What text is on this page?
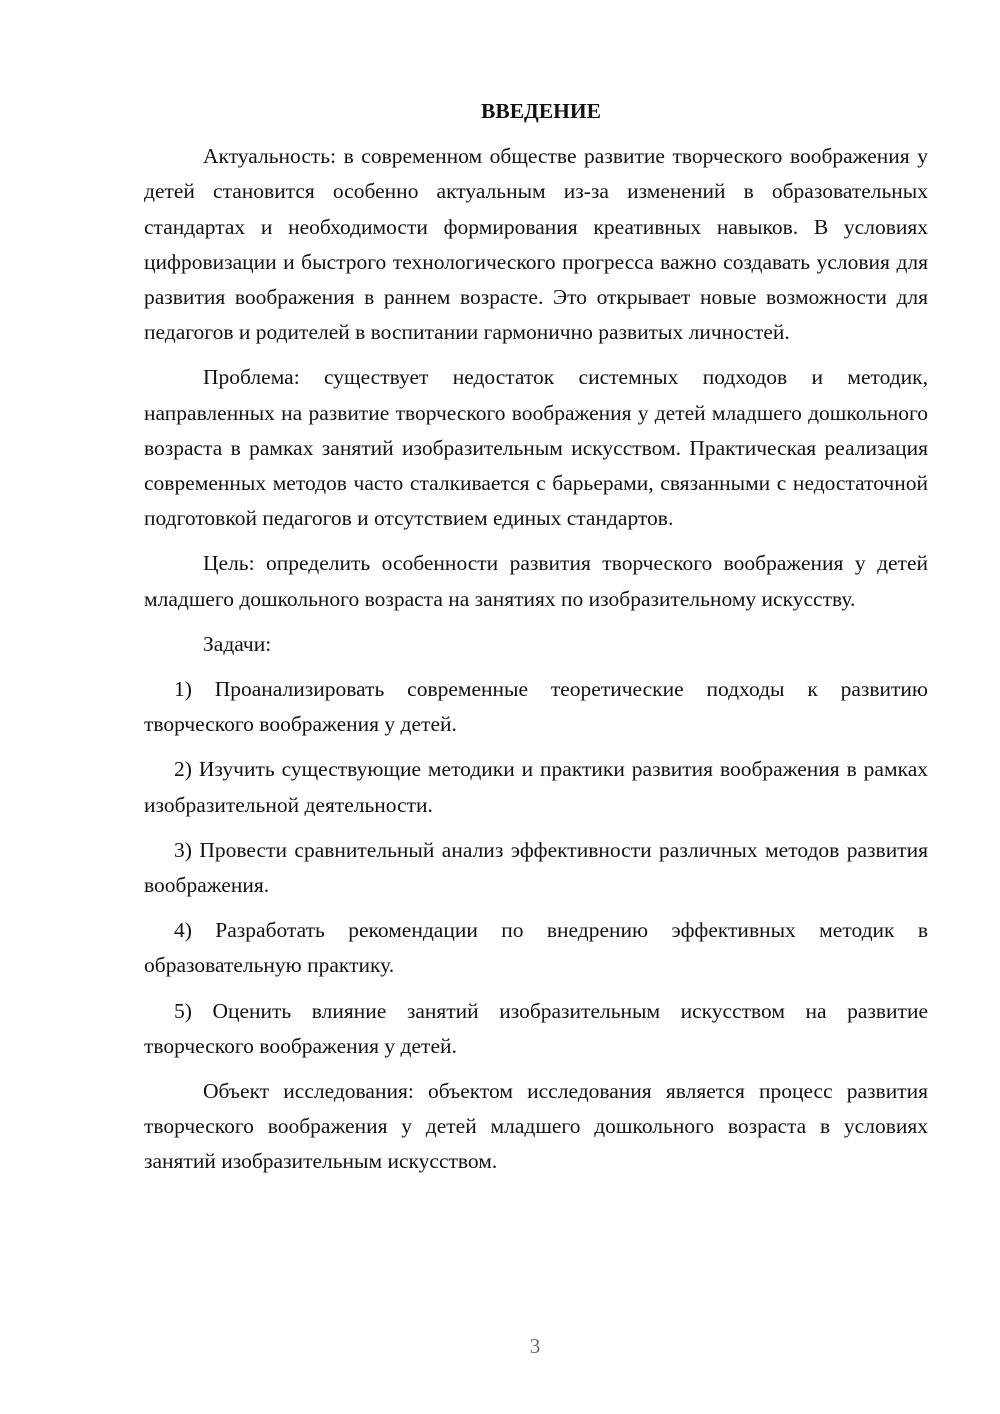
ВВЕДЕНИЕ

Актуальность: в современном обществе развитие творческого воображения у детей становится особенно актуальным из-за изменений в образовательных стандартах и необходимости формирования креативных навыков. В условиях цифровизации и быстрого технологического прогресса важно создавать условия для развития воображения в раннем возрасте. Это открывает новые возможности для педагогов и родителей в воспитании гармонично развитых личностей.

Проблема: существует недостаток системных подходов и методик, направленных на развитие творческого воображения у детей младшего дошкольного возраста в рамках занятий изобразительным искусством. Практическая реализация современных методов часто сталкивается с барьерами, связанными с недостаточной подготовкой педагогов и отсутствием единых стандартов.

Цель: определить особенности развития творческого воображения у детей младшего дошкольного возраста на занятиях по изобразительному искусству.

Задачи:

1) Проанализировать современные теоретические подходы к развитию творческого воображения у детей.

2) Изучить существующие методики и практики развития воображения в рамках изобразительной деятельности.

3) Провести сравнительный анализ эффективности различных методов развития воображения.

4) Разработать рекомендации по внедрению эффективных методик в образовательную практику.

5) Оценить влияние занятий изобразительным искусством на развитие творческого воображения у детей.

Объект исследования: объектом исследования является процесс развития творческого воображения у детей младшего дошкольного возраста в условиях занятий изобразительным искусством.

3
